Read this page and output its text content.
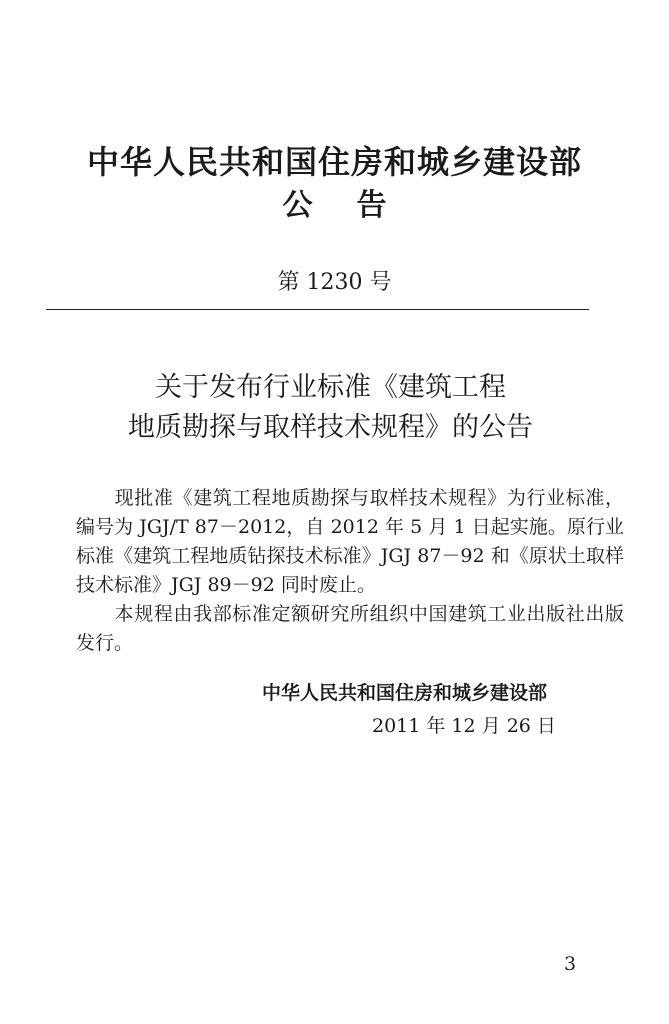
中华人民共和国住房和城乡建设部
公告
第 1230 号
关于发布行业标准《建筑工程
地质勘探与取样技术规程》的公告
现批准《建筑工程地质勘探与取样技术规程》为行业标准，编号为 JGJ/T 87－2012，自 2012 年 5 月 1 日起实施。原行业标准《建筑工程地质钻探技术标准》JGJ 87－92 和《原状土取样技术标准》JGJ 89－92 同时废止。
本规程由我部标准定额研究所组织中国建筑工业出版社出版发行。
中华人民共和国住房和城乡建设部
2011 年 12 月 26 日
3
